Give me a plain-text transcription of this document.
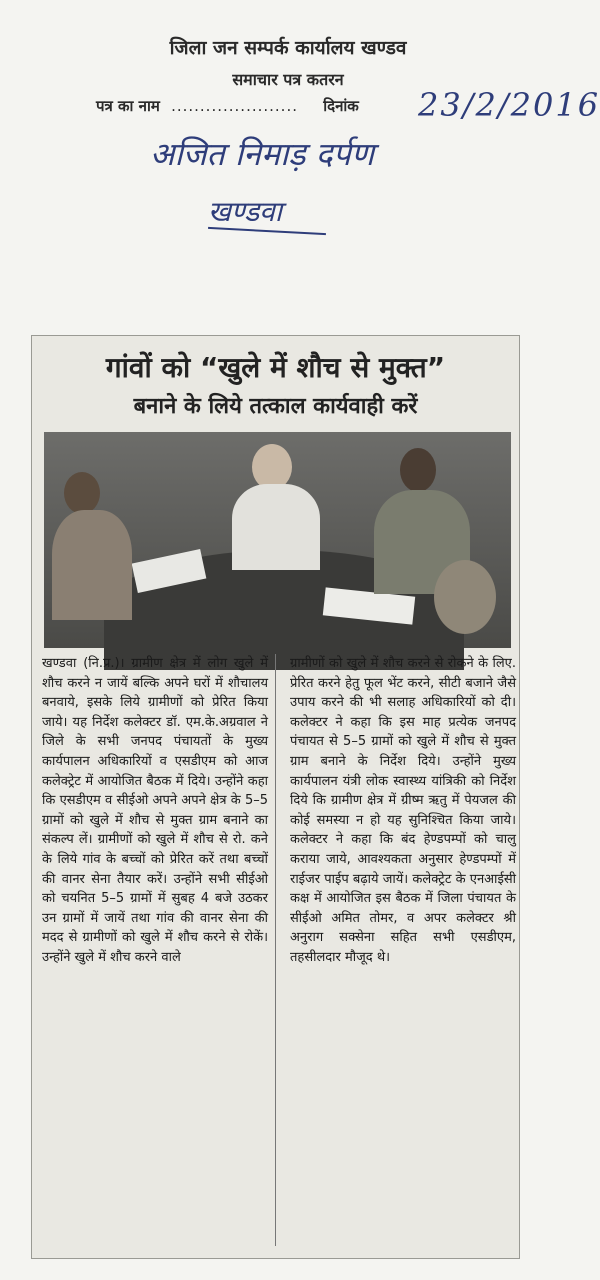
जिला जन सम्पर्क कार्यालय खण्डव
समाचार पत्र कतरन
पत्र का नाम ...................... दिनांक 23/2/2016
अजित निमाड़ दर्पण
खण्डवा
गांवों को “खुले में शौच से मुक्त”
बनाने के लिये तत्काल कार्यवाही करें
खण्डवा (नि.प्र.)। ग्रामीण क्षेत्र में लोग खुले में शौच करने न जायें बल्कि अपने घरों में शौचालय बनवाये, इसके लिये ग्रामीणों को प्रेरित किया जाये। यह निर्देश कलेक्टर डॉ. एम.के.अग्रवाल ने जिले के सभी जनपद पंचायतों के मुख्य कार्यपालन अधिकारियों व एसडीएम को आज कलेक्ट्रेट में आयोजित बैठक में दिये। उन्होंने कहा कि एसडीएम व सीईओ अपने अपने क्षेत्र के 5–5 ग्रामों को खुले में शौच से मुक्त ग्राम बनाने का संकल्प लें। ग्रामीणों को खुले में शौच से रो. कने के लिये गांव के बच्चों को प्रेरित करें तथा बच्चों की वानर सेना तैयार करें। उन्होंने सभी सीईओ को चयनित 5–5 ग्रामों में सुबह 4 बजे उठकर उन ग्रामों में जायें तथा गांव की वानर सेना की मदद से ग्रामीणों को खुले में शौच करने से रोकें। उन्होंने खुले में शौच करने वाले
ग्रामीणों को खुले में शौच करने से रोकने के लिए. प्रेरित करने हेतु फूल भेंट करने, सीटी बजाने जैसे उपाय करने की भी सलाह अधिकारियों को दी। कलेक्टर ने कहा कि इस माह प्रत्येक जनपद पंचायत से 5–5 ग्रामों को खुले में शौच से मुक्त ग्राम बनाने के निर्देश दिये। उन्होंने मुख्य कार्यपालन यंत्री लोक स्वास्थ्य यांत्रिकी को निर्देश दिये कि ग्रामीण क्षेत्र में ग्रीष्म ऋतु में पेयजल की कोई समस्या न हो यह सुनिश्चित किया जाये। कलेक्टर ने कहा कि बंद हेण्डपम्पों को चालु कराया जाये, आवश्यकता अनुसार हेण्डपम्पों में राईजर पाईप बढ़ाये जायें। कलेक्ट्रेट के एनआईसी कक्ष में आयोजित इस बैठक में जिला पंचायत के सीईओ अमित तोमर, व अपर कलेक्टर श्री अनुराग सक्सेना सहित सभी एसडीएम, तहसीलदार मौजूद थे।
